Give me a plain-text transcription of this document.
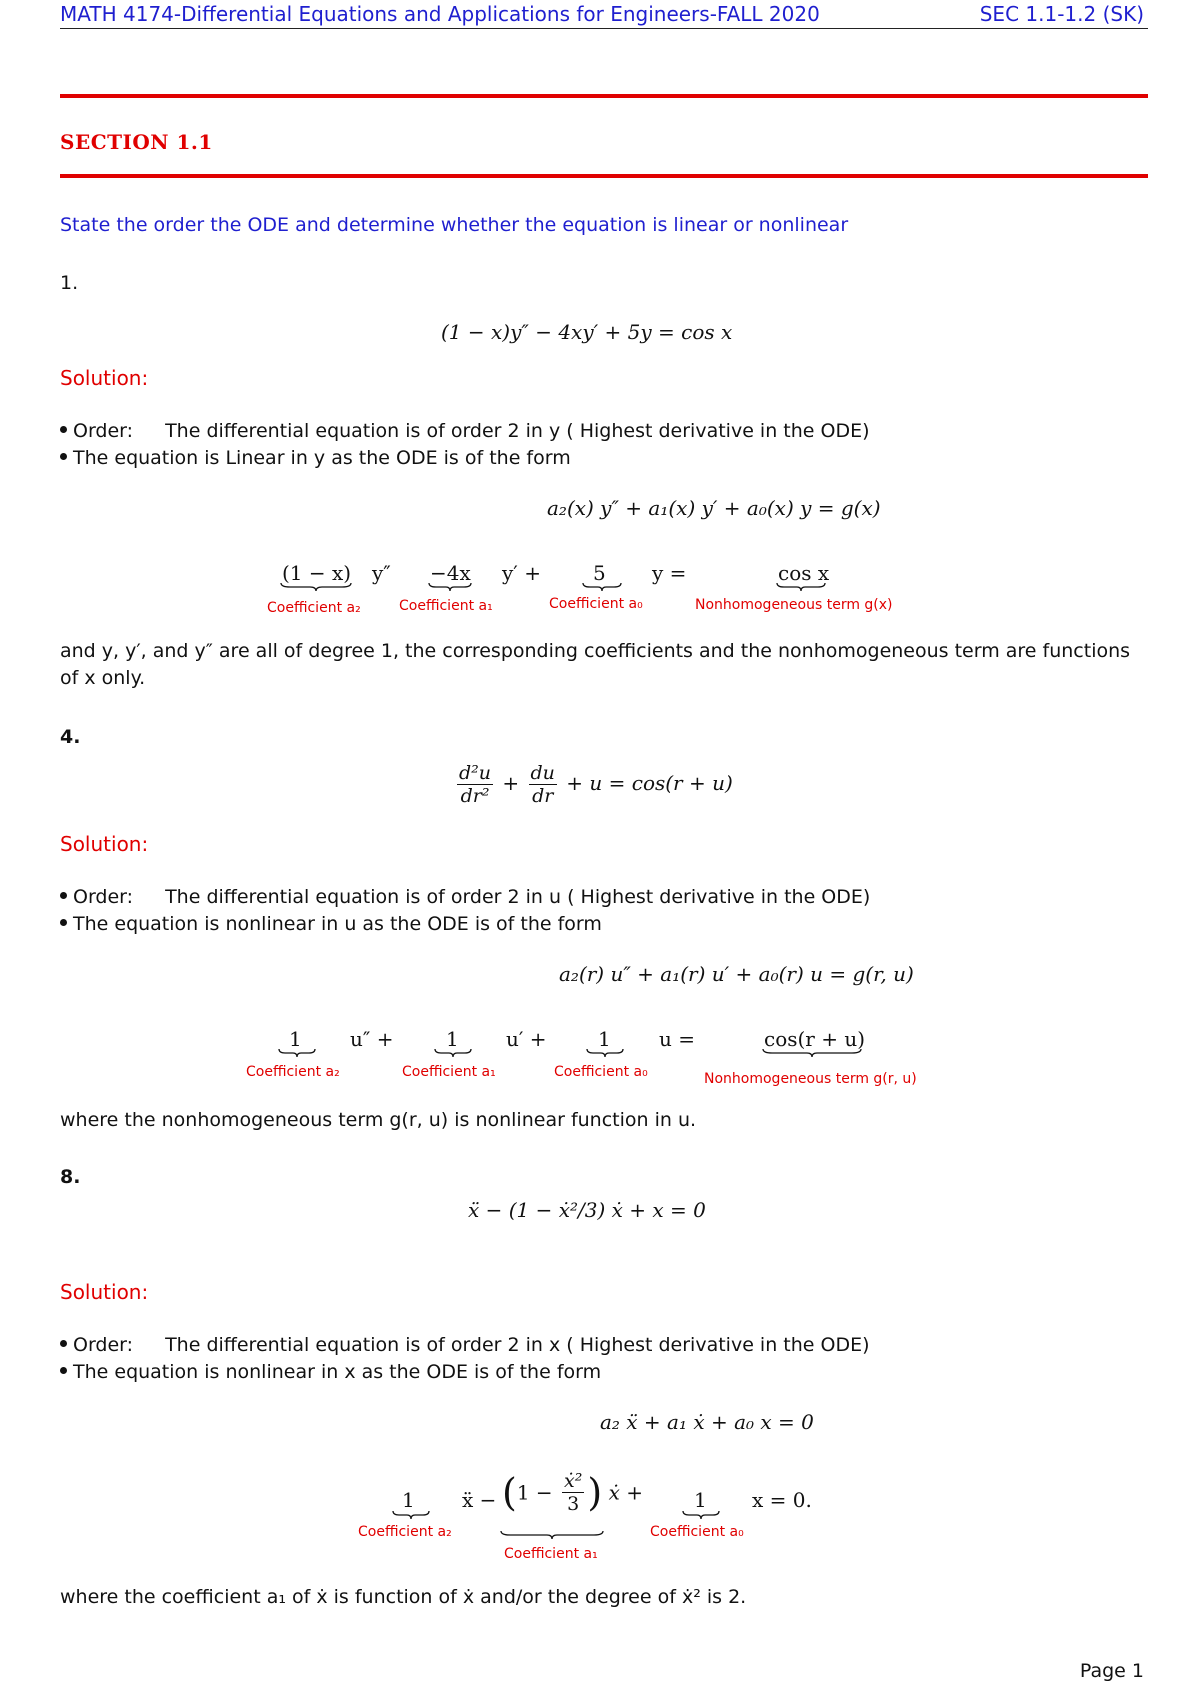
MATH 4174-Differential Equations and Applications for Engineers-FALL 2020	SEC 1.1-1.2 (SK)
SECTION 1.1
State the order the ODE and determine whether the equation is linear or nonlinear
1.
(1 − x)y″ − 4xy′ + 5y = cos x
Solution:
Order: The differential equation is of order 2 in y ( Highest derivative in the ODE)
The equation is Linear in y as the ODE is of the form
a₂(x) y″ + a₁(x) y′ + a₀(x) y = g(x)
(1 − x) y″ −4x y′ +	5 y =	cos x
Coefficient a₂	Coefficient a₁	Coefficient a₀	Nonhomogeneous term g(x)
and y, y′, and y″ are all of degree 1, the corresponding coefficients and the nonhomogeneous term are functions
of x only.
4.
$\frac{\text{d²u}}{\text{dr²}} + \frac{du}{dr} + u = \cos(r + u)$
Solution:
Order: The differential equation is of order 2 in u ( Highest derivative in the ODE)
The equation is nonlinear in u as the ODE is of the form
a₂(r) u″ + a₁(r) u′ + a₀(r) u = g(r, u)
1 u″ +	1 u′ +	1 u =	cos(r + u)
Coefficient a₂	Coefficient a₁	Coefficient a₀	Nonhomogeneous term g(r, u)
where the nonhomogeneous term g(r, u) is nonlinear function in u.
8.
ẍ − (1 − ẋ²/3) ẋ + x = 0
Solution:
Order: The differential equation is of order 2 in x ( Highest derivative in the ODE)
The equation is nonlinear in x as the ODE is of the form
a₂ ẍ + a₁ ẋ + a₀ x = 0
1 ẍ − ($1 - \frac{\text{ẋ²}}{3}$ ) ẋ +	1 x = 0.
Coefficient a₂
Coefficient a₁
Coefficient a₀
where the coefficient a₁ of ẋ is function of ẋ and/or the degree of ẋ² is 2.
Page 1
